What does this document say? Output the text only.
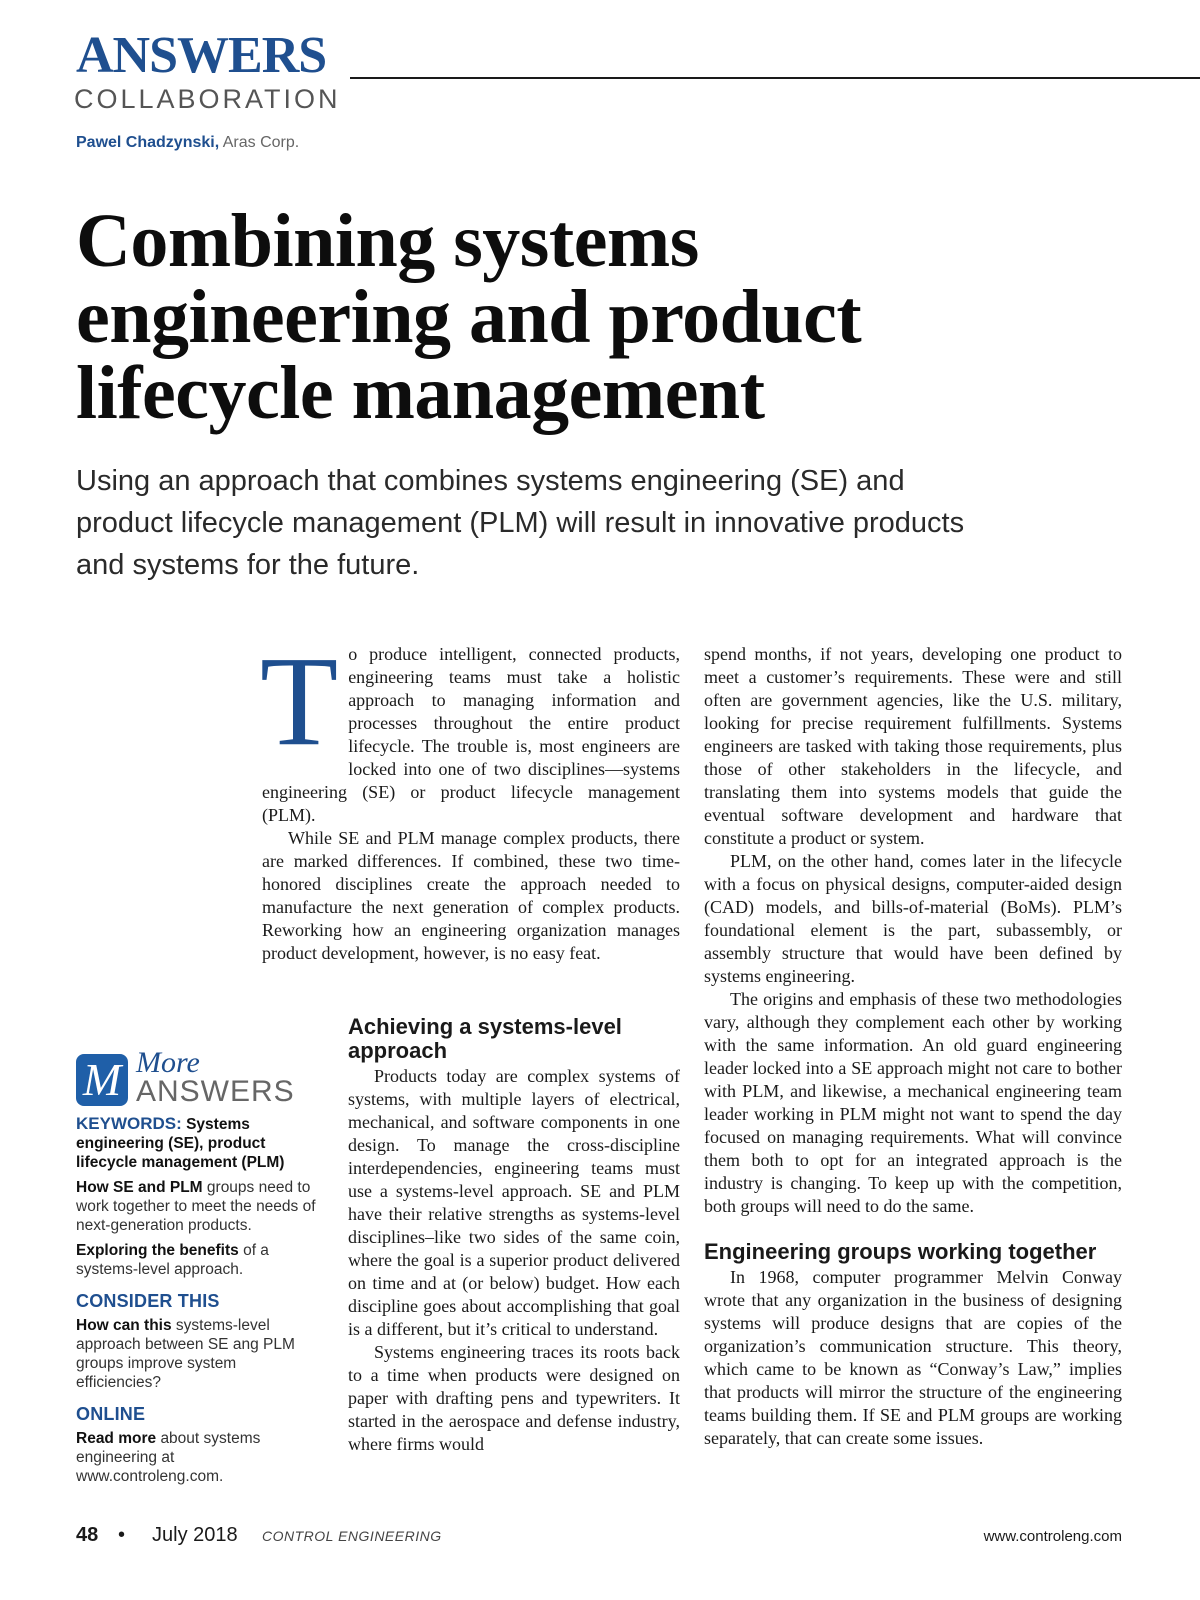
ANSWERS
COLLABORATION
Pawel Chadzynski, Aras Corp.
Combining systems
engineering and product
lifecycle management
Using an approach that combines systems engineering (SE) and
product lifecycle management (PLM) will result in innovative products
and systems for the future.
T o produce intelligent, connected products, engineering teams must take a holistic approach to managing information and processes throughout the entire product lifecycle. The trouble is, most engineers are locked into one of two disciplines—systems engineering (SE) or product lifecycle management (PLM).

While SE and PLM manage complex products, there are marked differences. If combined, these two time-honored disciplines create the approach needed to manufacture the next generation of complex products. Reworking how an engineering organization manages product development, however, is no easy feat.

Achieving a systems-level approach

Products today are complex systems of systems, with multiple layers of electrical, mechanical, and software components in one design. To manage the cross-discipline interdependencies, engineering teams must use a systems-level approach. SE and PLM have their relative strengths as systems-level disciplines–like two sides of the same coin, where the goal is a superior product delivered on time and at (or below) budget. How each discipline goes about accomplishing that goal is a different, but it’s critical to understand.

Systems engineering traces its roots back to a time when products were designed on paper with drafting pens and typewriters. It started in the aerospace and defense industry, where firms would

spend months, if not years, developing one product to meet a customer’s requirements. These were and still often are government agencies, like the U.S. military, looking for precise requirement fulfillments. Systems engineers are tasked with taking those requirements, plus those of other stakeholders in the lifecycle, and translating them into systems models that guide the eventual software development and hardware that constitute a product or system.

PLM, on the other hand, comes later in the lifecycle with a focus on physical designs, computer-aided design (CAD) models, and bills-of-material (BoMs). PLM’s foundational element is the part, subassembly, or assembly structure that would have been defined by systems engineering.

The origins and emphasis of these two methodologies vary, although they complement each other by working with the same information. An old guard engineering leader locked into a SE approach might not care to bother with PLM, and likewise, a mechanical engineering team leader working in PLM might not want to spend the day focused on managing requirements. What will convince them both to opt for an integrated approach is the industry is changing. To keep up with the competition, both groups will need to do the same.

Engineering groups working together

In 1968, computer programmer Melvin Conway wrote that any organization in the business of designing systems will produce designs that are copies of the organization’s communication structure. This theory, which came to be known as “Conway’s Law,” implies that products will mirror the structure of the engineering teams building them. If SE and PLM groups are working separately, that can create some issues.

M More
ANSWERS
KEYWORDS: Systems engineering (SE), product lifecycle management (PLM)
How SE and PLM groups need to work together to meet the needs of next-generation products.
Exploring the benefits of a systems-level approach.
CONSIDER THIS
How can this systems-level approach between SE ang PLM groups improve system efficiencies?
ONLINE
Read more about systems engineering at www.controleng.com.
48 • July 2018 CONTROL ENGINEERING	www.controleng.com
